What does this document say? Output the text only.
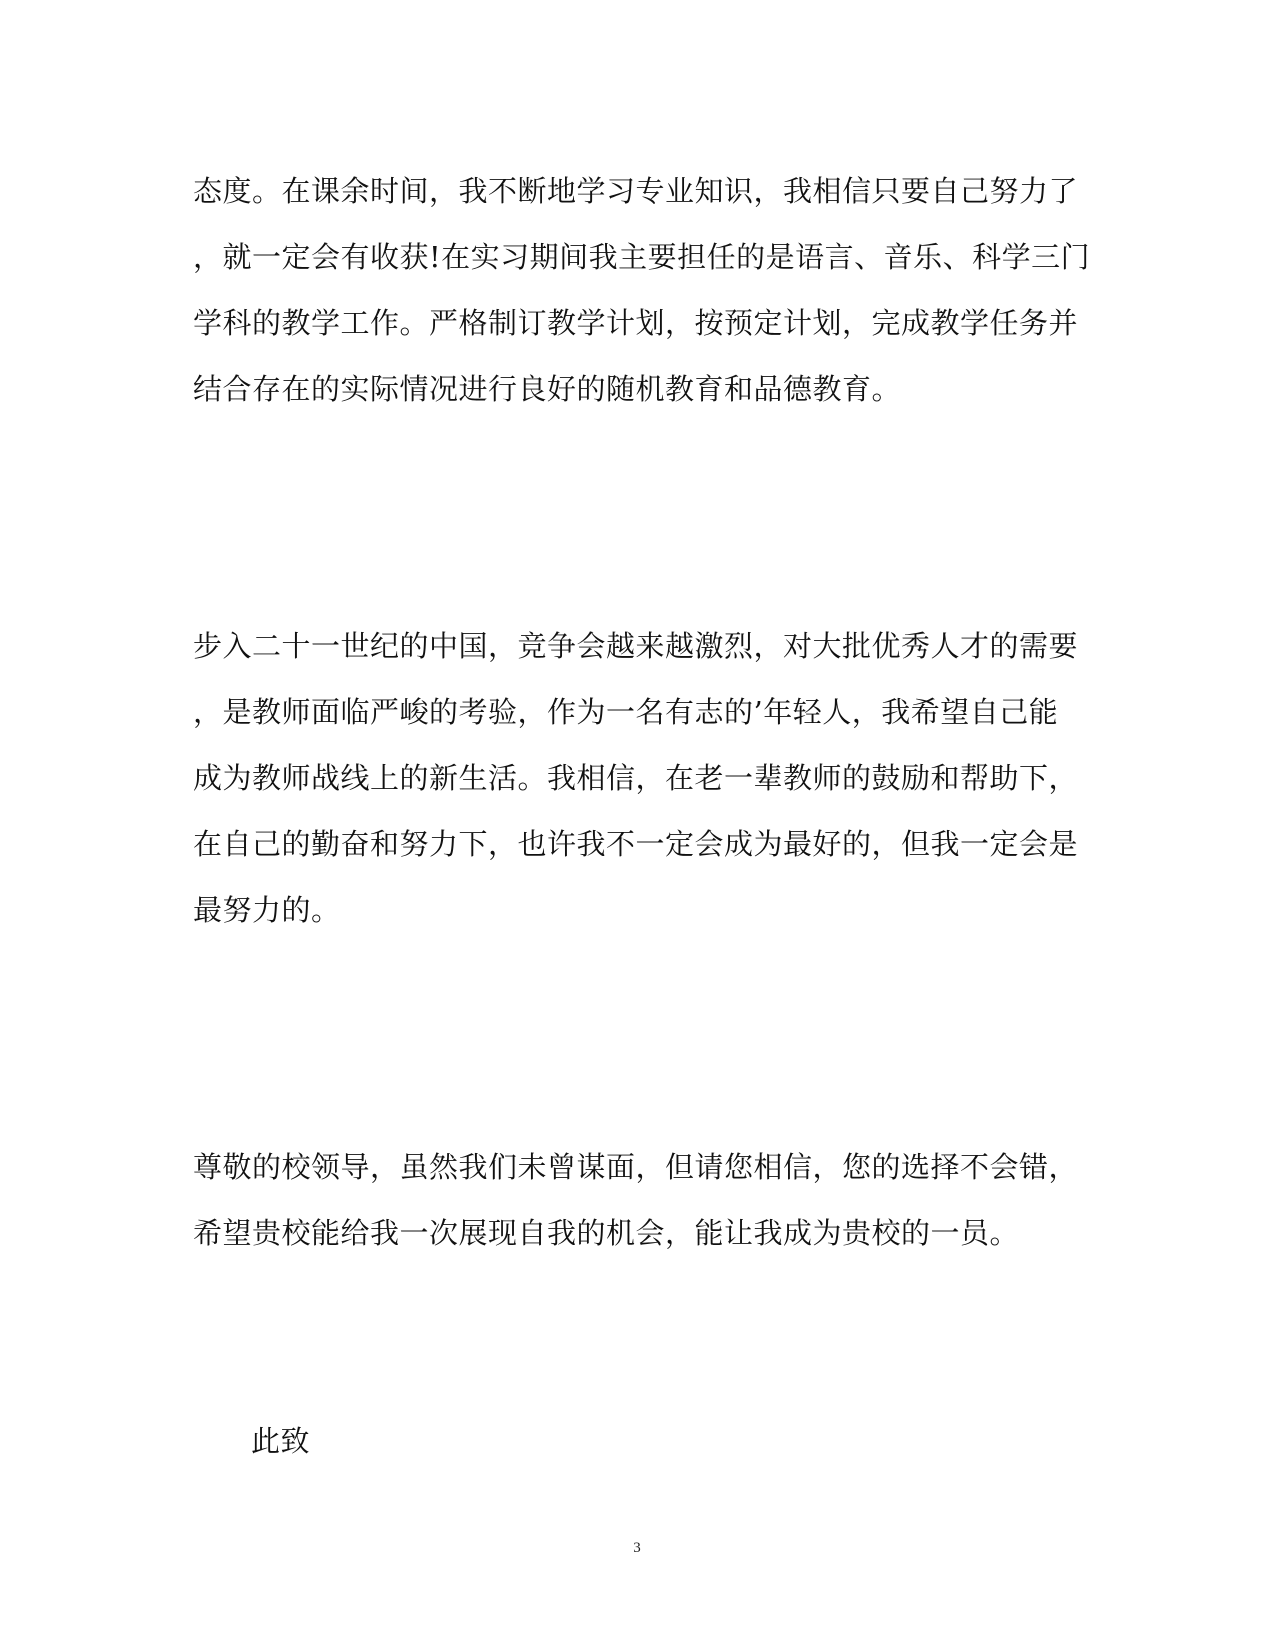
态度。在课余时间，我不断地学习专业知识，我相信只要自己努力了
，就一定会有收获!在实习期间我主要担任的是语言、音乐、科学三门
学科的教学工作。严格制订教学计划，按预定计划，完成教学任务并
结合存在的实际情况进行良好的随机教育和品德教育。
步入二十一世纪的中国，竞争会越来越激烈，对大批优秀人才的需要
，是教师面临严峻的考验，作为一名有志的’年轻人，我希望自己能
成为教师战线上的新生活。我相信，在老一辈教师的鼓励和帮助下，
在自己的勤奋和努力下，也许我不一定会成为最好的，但我一定会是
最努力的。
尊敬的校领导，虽然我们未曾谋面，但请您相信，您的选择不会错，
希望贵校能给我一次展现自我的机会，能让我成为贵校的一员。
此致
3
